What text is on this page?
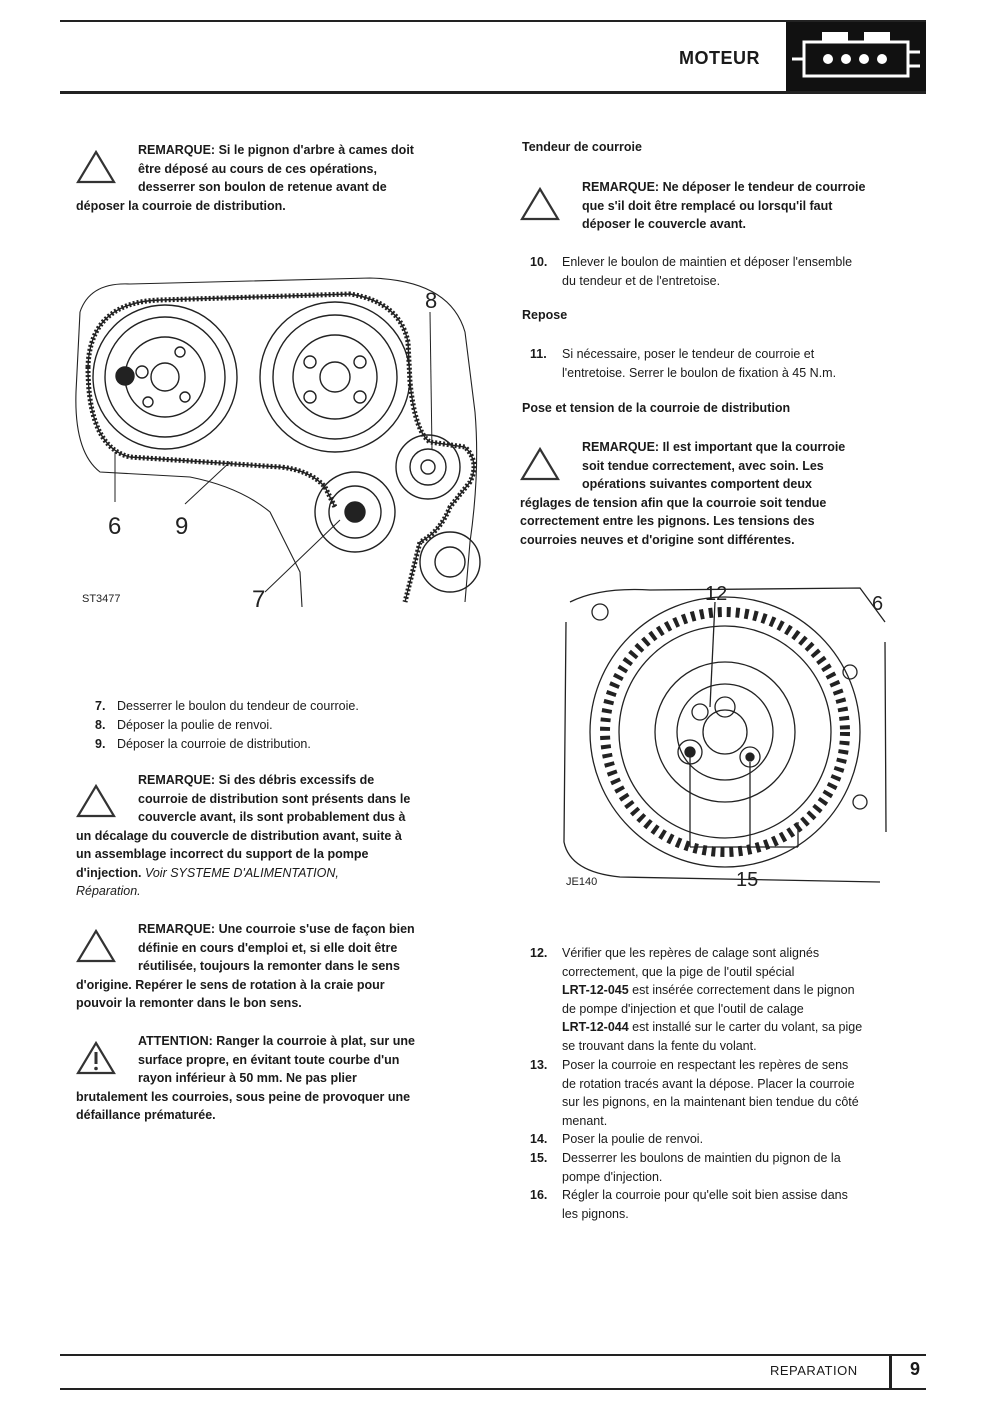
MOTEUR

REMARQUE: Si le pignon d'arbre à cames doit

être déposé au cours de ces opérations,

desserrer son boulon de retenue avant de

déposer la courroie de distribution.

8
6 9
7
ST3477
7. Desserrer le boulon du tendeur de courroie.
8. Déposer la poulie de renvoi.
9. Déposer la courroie de distribution.

REMARQUE: Si des débris excessifs de

courroie de distribution sont présents dans le

couvercle avant, ils sont probablement dus à

un décalage du couvercle de distribution avant, suite à

un assemblage incorrect du support de la pompe

d'injection. Voir SYSTEME D'ALIMENTATION,

Réparation.

REMARQUE: Une courroie s'use de façon bien

définie en cours d'emploi et, si elle doit être

réutilisée, toujours la remonter dans le sens

d'origine. Repérer le sens de rotation à la craie pour

pouvoir la remonter dans le bon sens.

ATTENTION: Ranger la courroie à plat, sur une

surface propre, en évitant toute courbe d'un

rayon inférieur à 50 mm. Ne pas plier

brutalement les courroies, sous peine de provoquer une

défaillance prématurée.

Tendeur de courroie

REMARQUE: Ne déposer le tendeur de courroie

que s'il doit être remplacé ou lorsqu'il faut

déposer le couvercle avant.

10.	Enlever le boulon de maintien et déposer l'ensemble
du tendeur et de l'entretoise.
Repose
11.	Si nécessaire, poser le tendeur de courroie et
l'entretoise. Serrer le boulon de fixation à 45 N.m.
Pose et tension de la courroie de distribution

REMARQUE: Il est important que la courroie

soit tendue correctement, avec soin. Les

opérations suivantes comportent deux

réglages de tension afin que la courroie soit tendue

correctement entre les pignons. Les tensions des

courroies neuves et d'origine sont différentes.

12
15
6
JE140
12.	Vérifier que les repères de calage sont alignés
correctement, que la pige de l'outil spécial
LRT-12-045 est insérée correctement dans le pignon
de pompe d'injection et que l'outil de calage
LRT-12-044 est installé sur le carter du volant, sa pige
se trouvant dans la fente du volant.
13.	Poser la courroie en respectant les repères de sens
de rotation tracés avant la dépose. Placer la courroie
sur les pignons, en la maintenant bien tendue du côté
menant.
14.	Poser la poulie de renvoi.
15.	Desserrer les boulons de maintien du pignon de la
pompe d'injection.
16.	Régler la courroie pour qu'elle soit bien assise dans
les pignons.
REPARATION	9
